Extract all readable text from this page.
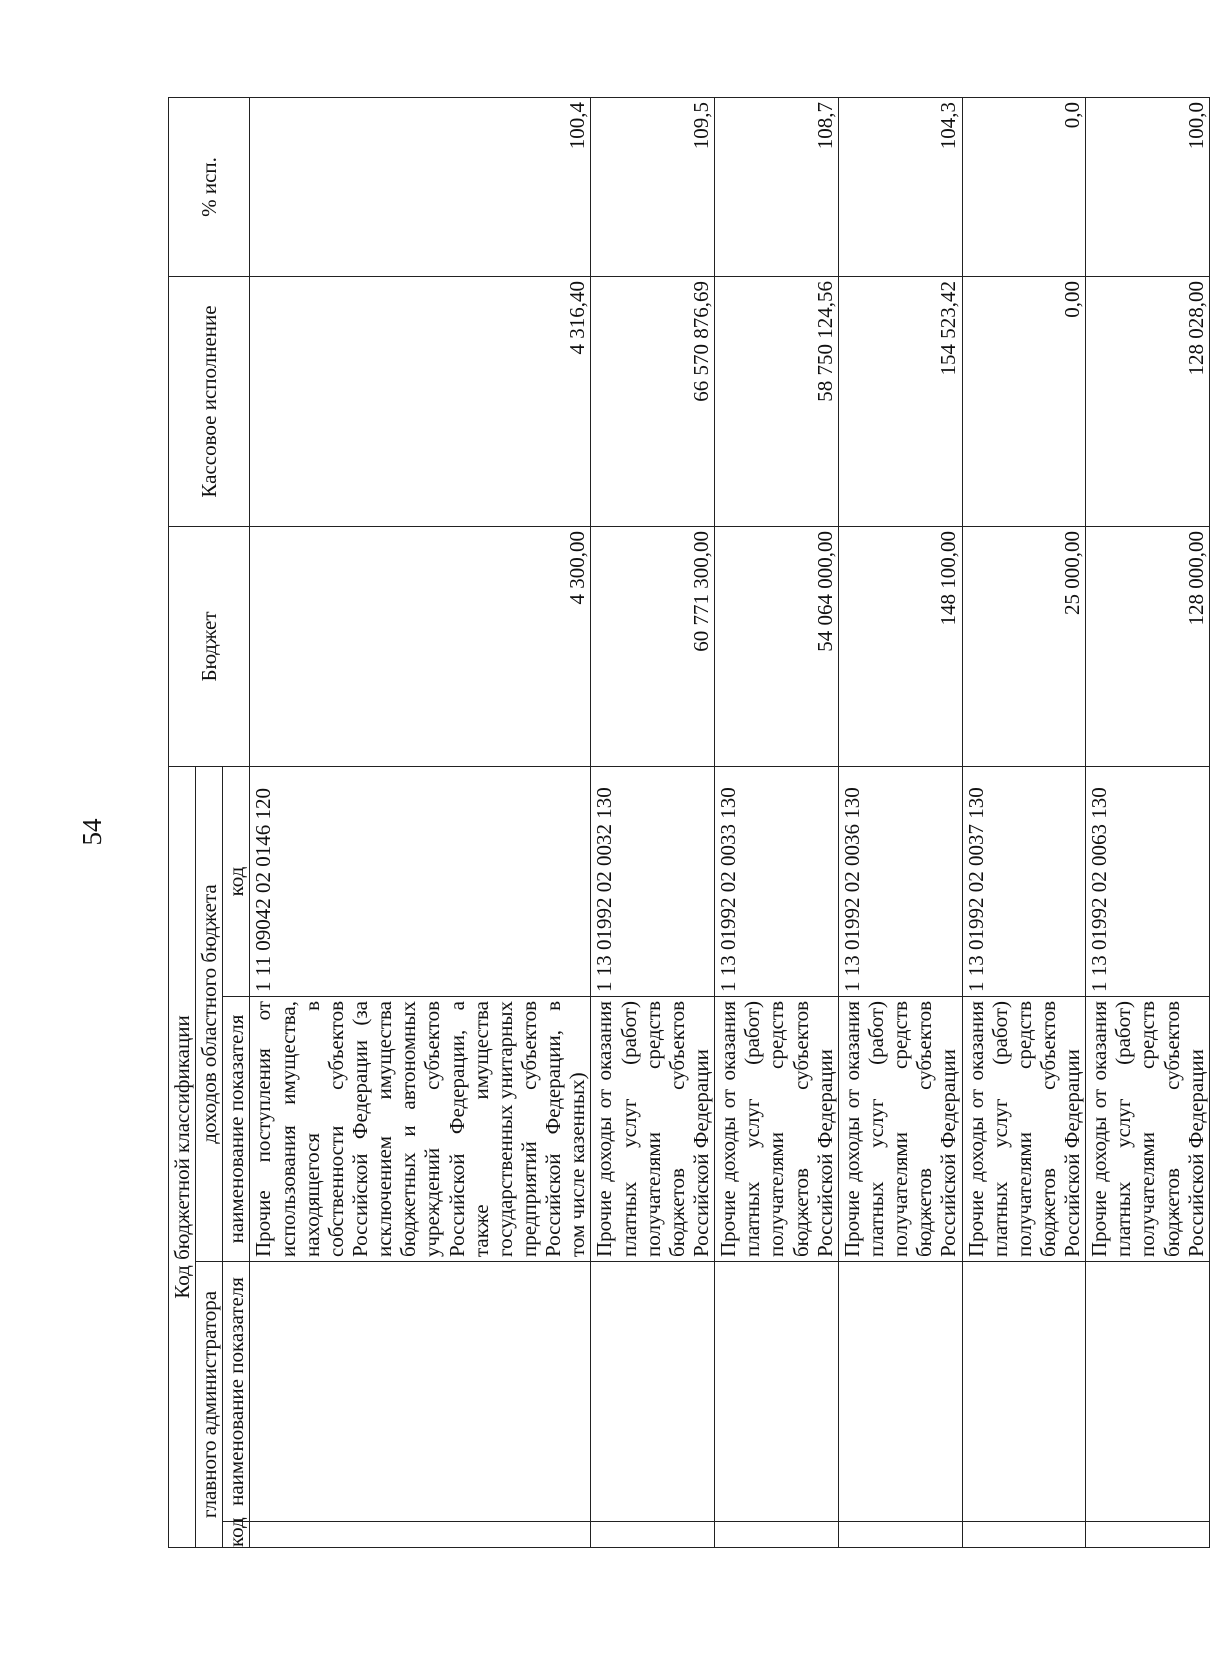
54
Код бюджетной классификации				Бюджет	Кассовое исполнение	% исп.
главного администратора		доходов областного бюджета				
код	наименование показателя	наименование показателя	код			
		Прочие поступления от использования имущества, находящегося в собственности субъектов Российской Федерации (за исключением имущества бюджетных и автономных учреждений субъектов Российской Федерации, а также имущества государственных унитарных предприятий субъектов Российской Федерации, в том числе казенных)	1 11 09042 02 0146 120	4 300,00	4 316,40	100,4
		Прочие доходы от оказания платных услуг (работ) получателями средств бюджетов субъектов Российской Федерации	1 13 01992 02 0032 130	60 771 300,00	66 570 876,69	109,5
		Прочие доходы от оказания платных услуг (работ) получателями средств бюджетов субъектов Российской Федерации	1 13 01992 02 0033 130	54 064 000,00	58 750 124,56	108,7
		Прочие доходы от оказания платных услуг (работ) получателями средств бюджетов субъектов Российской Федерации	1 13 01992 02 0036 130	148 100,00	154 523,42	104,3
		Прочие доходы от оказания платных услуг (работ) получателями средств бюджетов субъектов Российской Федерации	1 13 01992 02 0037 130	25 000,00	0,00	0,0
		Прочие доходы от оказания платных услуг (работ) получателями средств бюджетов субъектов Российской Федерации	1 13 01992 02 0063 130	128 000,00	128 028,00	100,0
